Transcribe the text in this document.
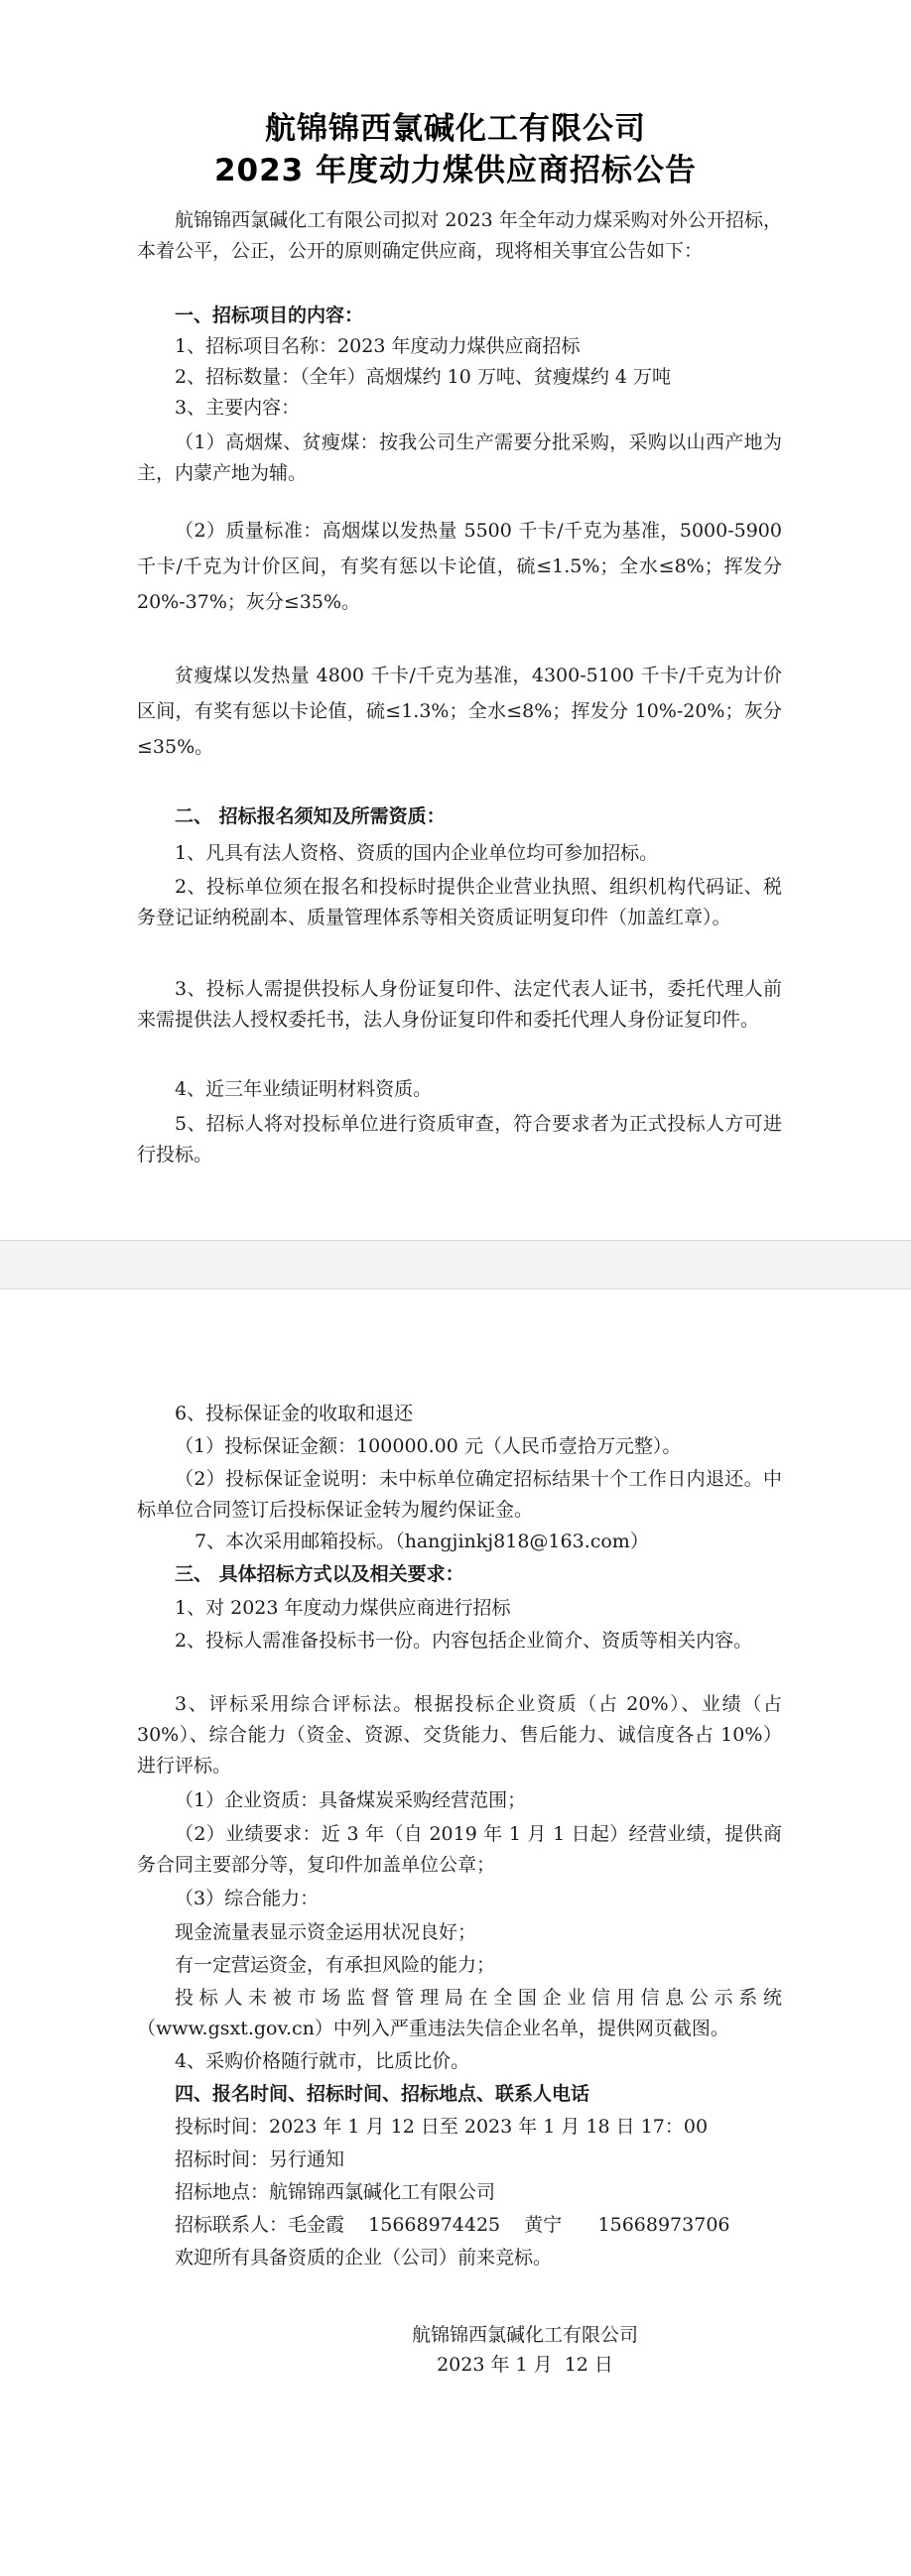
航锦锦西氯碱化工有限公司
2023 年度动力煤供应商招标公告

航锦锦西氯碱化工有限公司拟对 2023 年全年动力煤采购对外公开招标，本着公平，公正，公开的原则确定供应商，现将相关事宜公告如下：

一、招标项目的内容：

1、招标项目名称：2023 年度动力煤供应商招标

2、招标数量：（全年）高烟煤约 10 万吨、贫瘦煤约 4 万吨

3、主要内容：

（1）高烟煤、贫瘦煤：按我公司生产需要分批采购，采购以山西产地为主，内蒙产地为辅。

（2）质量标准：高烟煤以发热量 5500 千卡/千克为基准，5000-5900 千卡/千克为计价区间，有奖有惩以卡论值，硫≤1.5%；全水≤8%；挥发分 20%-37%；灰分≤35%。

贫瘦煤以发热量 4800 千卡/千克为基准，4300-5100 千卡/千克为计价区间，有奖有惩以卡论值，硫≤1.3%；全水≤8%；挥发分 10%-20%；灰分≤35%。

二、 招标报名须知及所需资质：

1、凡具有法人资格、资质的国内企业单位均可参加招标。

2、投标单位须在报名和投标时提供企业营业执照、组织机构代码证、税务登记证纳税副本、质量管理体系等相关资质证明复印件（加盖红章）。

3、投标人需提供投标人身份证复印件、法定代表人证书，委托代理人前来需提供法人授权委托书，法人身份证复印件和委托代理人身份证复印件。

4、近三年业绩证明材料资质。

5、招标人将对投标单位进行资质审查，符合要求者为正式投标人方可进行投标。

6、投标保证金的收取和退还

（1）投标保证金额：100000.00 元（人民币壹拾万元整）。

（2）投标保证金说明：未中标单位确定招标结果十个工作日内退还。中标单位合同签订后投标保证金转为履约保证金。

7、本次采用邮箱投标。（hangjinkj818@163.com）

三、 具体招标方式以及相关要求：

1、对 2023 年度动力煤供应商进行招标

2、投标人需准备投标书一份。内容包括企业简介、资质等相关内容。

3、评标采用综合评标法。根据投标企业资质（占 20%）、业绩（占 30%）、综合能力（资金、资源、交货能力、售后能力、诚信度各占 10%）进行评标。

（1）企业资质：具备煤炭采购经营范围；

（2）业绩要求：近 3 年（自 2019 年 1 月 1 日起）经营业绩，提供商务合同主要部分等，复印件加盖单位公章；

（3）综合能力：

现金流量表显示资金运用状况良好；

有一定营运资金，有承担风险的能力；

投标人未被市场监督管理局在全国企业信用信息公示系统（www.gsxt.gov.cn）中列入严重违法失信企业名单，提供网页截图。

4、采购价格随行就市，比质比价。

四、报名时间、招标时间、招标地点、联系人电话

投标时间：2023 年 1 月 12 日至 2023 年 1 月 18 日 17：00

招标时间：另行通知

招标地点：航锦锦西氯碱化工有限公司

招标联系人：毛金霞    15668974425    黄宁      15668973706

欢迎所有具备资质的企业（公司）前来竞标。

航锦锦西氯碱化工有限公司
2023 年 1 月  12 日
